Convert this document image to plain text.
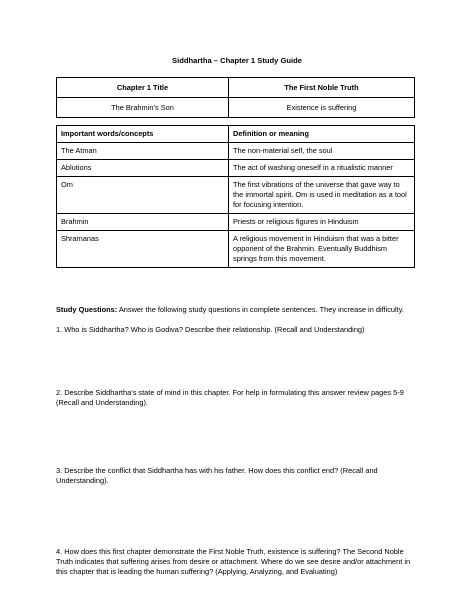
Siddhartha – Chapter 1 Study Guide
Chapter 1 Title	The First Noble Truth
The Brahmin’s Son	Existence is suffering
Important words/concepts	Definition or meaning
The Atman	The non-material self, the soul
Ablutions	The act of washing oneself in a ritualistic manner
Om	The first vibrations of the universe that gave way to the immortal spirit. Om is used in meditation as a tool for focusing intention.
Brahmin	Priests or religious figures in Hinduism
Shramanas	A religious movement in Hinduism that was a bitter opponent of the Brahmin. Eventually Buddhism springs from this movement.

Study Questions: Answer the following study questions in complete sentences. They increase in difficulty.

1. Who is Siddhartha? Who is Godiva? Describe their relationship. (Recall and Understanding)

2. Describe Siddhartha’s state of mind in this chapter. For help in formulating this answer review pages 5-9 (Recall and Understanding).

3. Describe the conflict that Siddhartha has with his father. How does this conflict end? (Recall and Understanding).

4. How does this first chapter demonstrate the First Noble Truth, existence is suffering? The Second Noble Truth indicates that suffering arises from desire or attachment. Where do we see desire and/or attachment in this chapter that is leading the human suffering? (Applying, Analyzing, and Evaluating)
